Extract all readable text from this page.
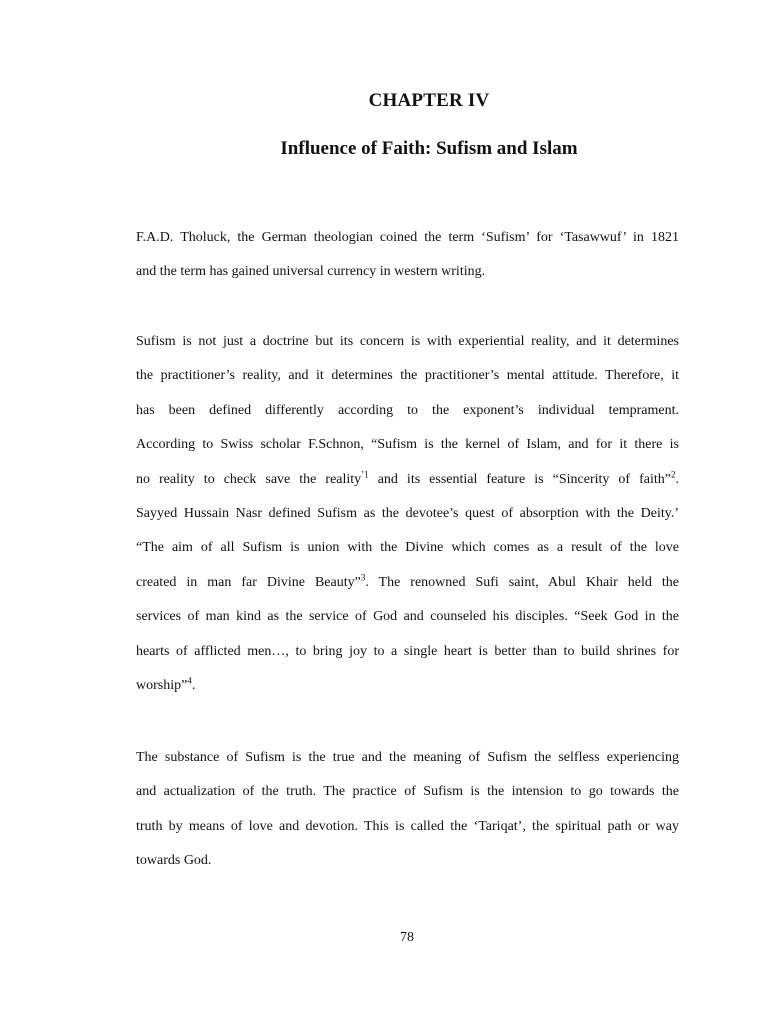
CHAPTER IV
Influence of Faith: Sufism and Islam
F.A.D. Tholuck, the German theologian coined the term ‘Sufism’ for ‘Tasawwuf’ in 1821
and the term has gained universal currency in western writing.
Sufism is not just a doctrine but its concern is with experiential reality, and it determines
the practitioner’s reality, and it determines the practitioner’s mental attitude. Therefore, it
has been defined differently according to the exponent’s individual temprament.
According to Swiss scholar F.Schnon, “Sufism is the kernel of Islam, and for it there is
no reality to check save the reality$^{’1}$ and its essential feature is “Sincerity of faith”$^2$.
Sayyed Hussain Nasr defined Sufism as the devotee’s quest of absorption with the Deity.’
“The aim of all Sufism is union with the Divine which comes as a result of the love
created in man far Divine Beauty”$^3$. The renowned Sufi saint, Abul Khair held the
services of man kind as the service of God and counseled his disciples. “Seek God in the
hearts of afflicted men…, to bring joy to a single heart is better than to build shrines for
worship”$^4$.
The substance of Sufism is the true and the meaning of Sufism the selfless experiencing
and actualization of the truth. The practice of Sufism is the intension to go towards the
truth by means of love and devotion. This is called the ‘Tariqat’, the spiritual path or way
towards God.
78
